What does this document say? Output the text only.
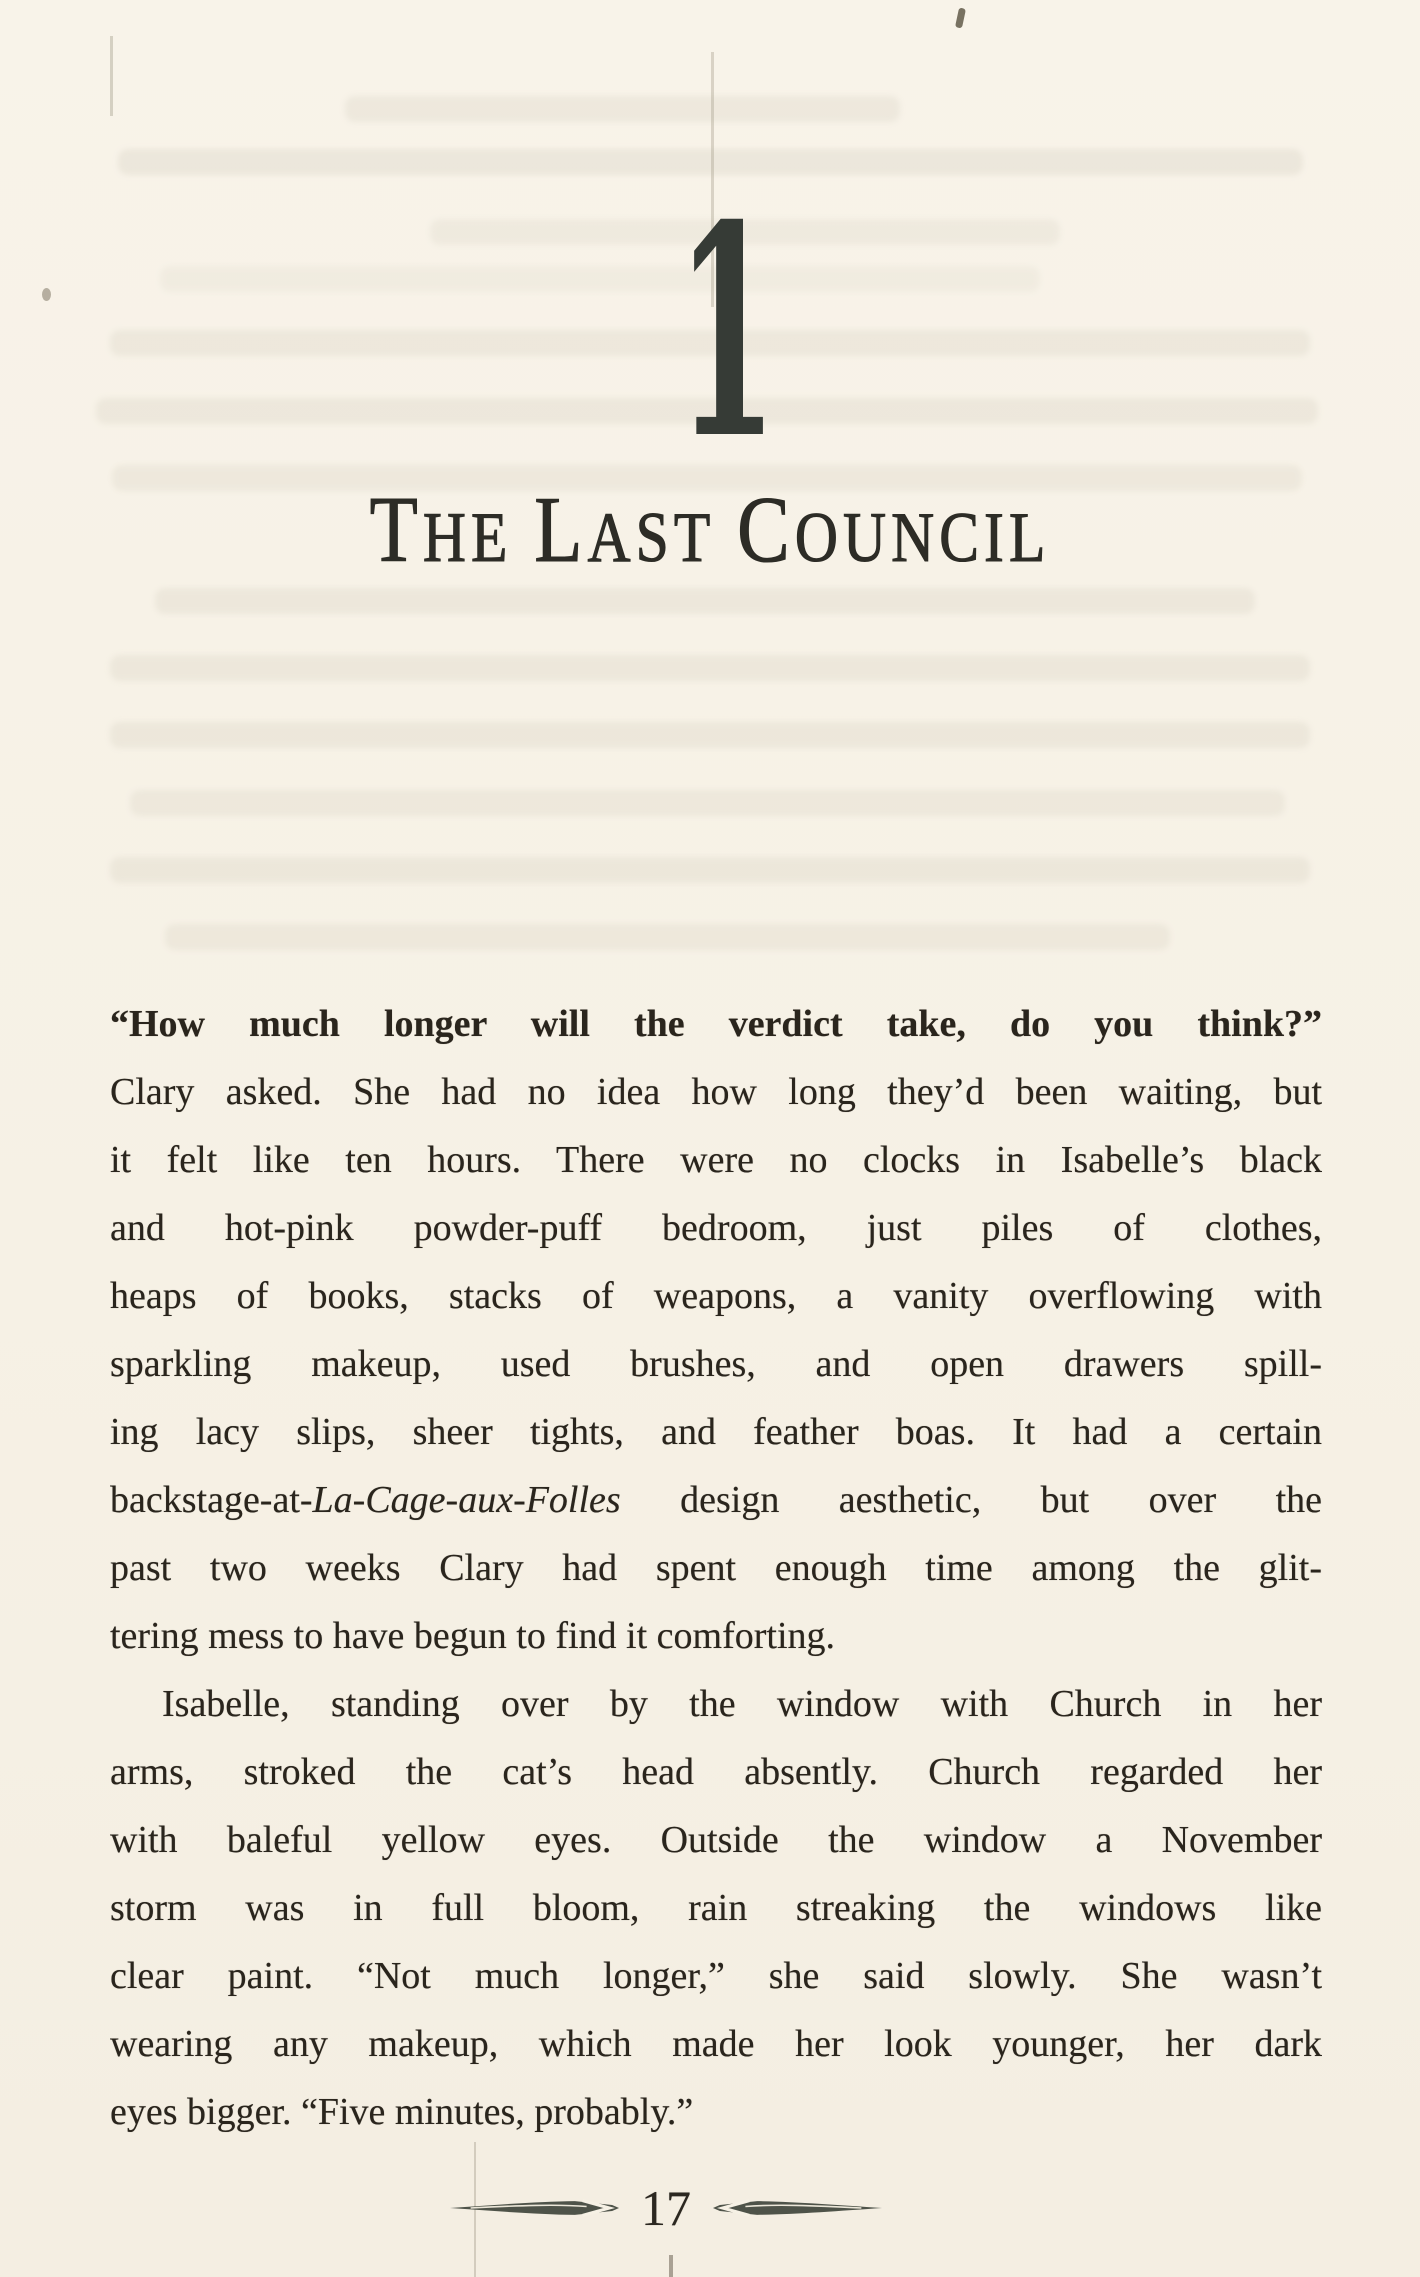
1
THE LAST COUNCIL
“How much longer will the verdict take, do you think?”
Clary asked. She had no idea how long they’d been waiting, but
it felt like ten hours. There were no clocks in Isabelle’s black
and hot-pink powder-puff bedroom, just piles of clothes,
heaps of books, stacks of weapons, a vanity overflowing with
sparkling makeup, used brushes, and open drawers spill-
ing lacy slips, sheer tights, and feather boas. It had a certain
backstage-at-La-Cage-aux-Folles design aesthetic, but over the
past two weeks Clary had spent enough time among the glit-
tering mess to have begun to find it comforting.
Isabelle, standing over by the window with Church in her
arms, stroked the cat’s head absently. Church regarded her
with baleful yellow eyes. Outside the window a November
storm was in full bloom, rain streaking the windows like
clear paint. “Not much longer,” she said slowly. She wasn’t
wearing any makeup, which made her look younger, her dark
eyes bigger. “Five minutes, probably.”
17
